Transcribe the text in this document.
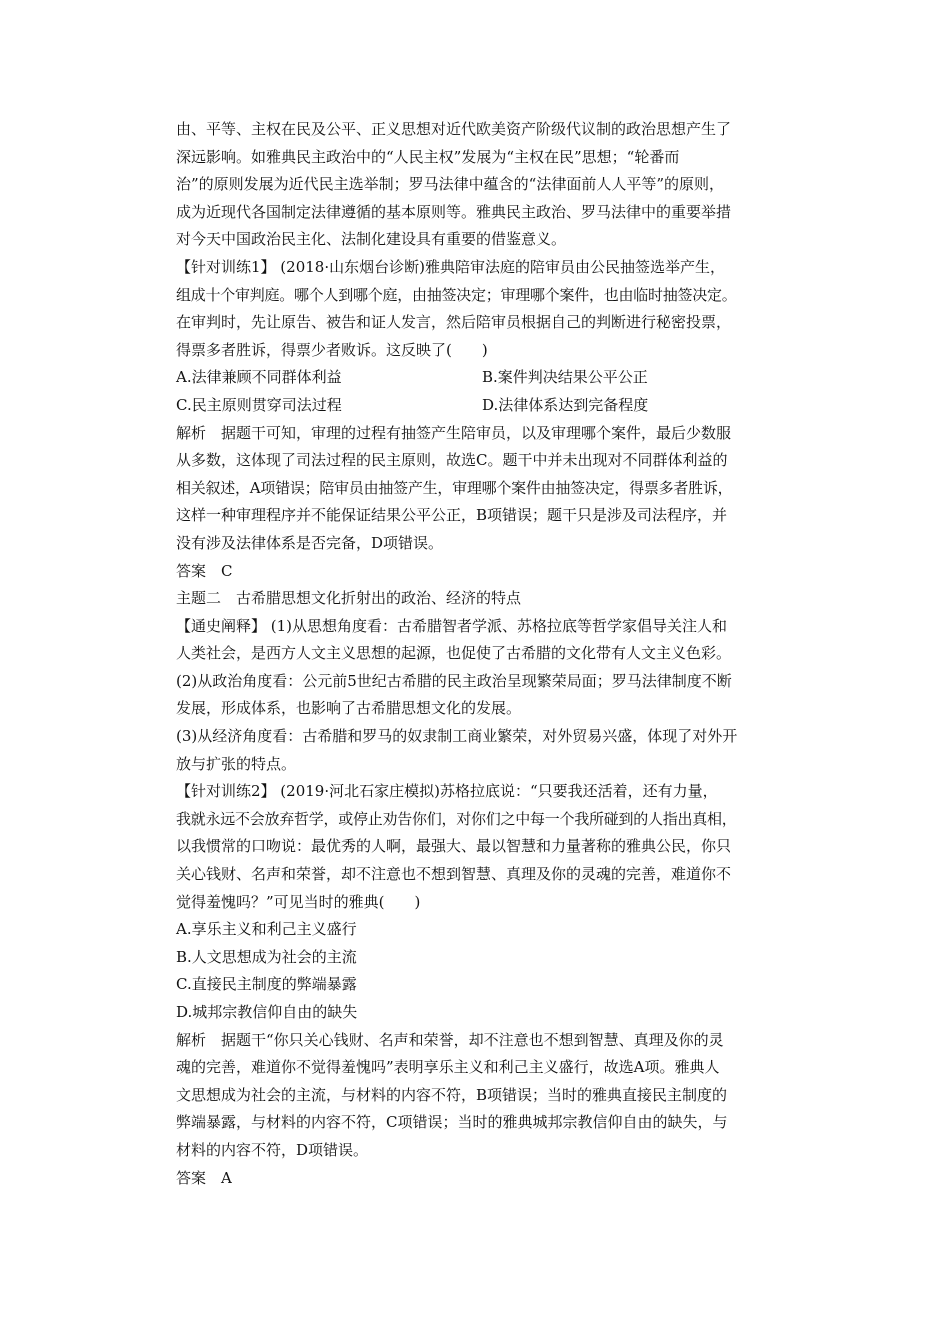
由、平等、主权在民及公平、正义思想对近代欧美资产阶级代议制的政治思想产生了
深远影响。如雅典民主政治中的“人民主权”发展为“主权在民”思想；“轮番而
治”的原则发展为近代民主选举制；罗马法律中蕴含的“法律面前人人平等”的原则，
成为近现代各国制定法律遵循的基本原则等。雅典民主政治、罗马法律中的重要举措
对今天中国政治民主化、法制化建设具有重要的借鉴意义。
【针对训练1】 (2018·山东烟台诊断)雅典陪审法庭的陪审员由公民抽签选举产生，
组成十个审判庭。哪个人到哪个庭，由抽签决定；审理哪个案件，也由临时抽签决定。
在审判时，先让原告、被告和证人发言，然后陪审员根据自己的判断进行秘密投票，
得票多者胜诉，得票少者败诉。这反映了(　　)
A.法律兼顾不同群体利益	B.案件判决结果公平公正
C.民主原则贯穿司法过程	D.法律体系达到完备程度
解析　据题干可知，审理的过程有抽签产生陪审员，以及审理哪个案件，最后少数服
从多数，这体现了司法过程的民主原则，故选C。题干中并未出现对不同群体利益的
相关叙述，A项错误；陪审员由抽签产生，审理哪个案件由抽签决定，得票多者胜诉，
这样一种审理程序并不能保证结果公平公正，B项错误；题干只是涉及司法程序，并
没有涉及法律体系是否完备，D项错误。
答案　C
主题二　古希腊思想文化折射出的政治、经济的特点
【通史阐释】 (1)从思想角度看：古希腊智者学派、苏格拉底等哲学家倡导关注人和
人类社会，是西方人文主义思想的起源，也促使了古希腊的文化带有人文主义色彩。
(2)从政治角度看：公元前5世纪古希腊的民主政治呈现繁荣局面；罗马法律制度不断
发展，形成体系，也影响了古希腊思想文化的发展。
(3)从经济角度看：古希腊和罗马的奴隶制工商业繁荣，对外贸易兴盛，体现了对外开
放与扩张的特点。
【针对训练2】 (2019·河北石家庄模拟)苏格拉底说：“只要我还活着，还有力量，
我就永远不会放弃哲学，或停止劝告你们，对你们之中每一个我所碰到的人指出真相，
以我惯常的口吻说：最优秀的人啊，最强大、最以智慧和力量著称的雅典公民，你只
关心钱财、名声和荣誉，却不注意也不想到智慧、真理及你的灵魂的完善，难道你不
觉得羞愧吗？”可见当时的雅典(　　)
A.享乐主义和利己主义盛行
B.人文思想成为社会的主流
C.直接民主制度的弊端暴露
D.城邦宗教信仰自由的缺失
解析　据题干“你只关心钱财、名声和荣誉，却不注意也不想到智慧、真理及你的灵
魂的完善，难道你不觉得羞愧吗”表明享乐主义和利己主义盛行，故选A项。雅典人
文思想成为社会的主流，与材料的内容不符，B项错误；当时的雅典直接民主制度的
弊端暴露，与材料的内容不符，C项错误；当时的雅典城邦宗教信仰自由的缺失，与
材料的内容不符，D项错误。
答案　A
